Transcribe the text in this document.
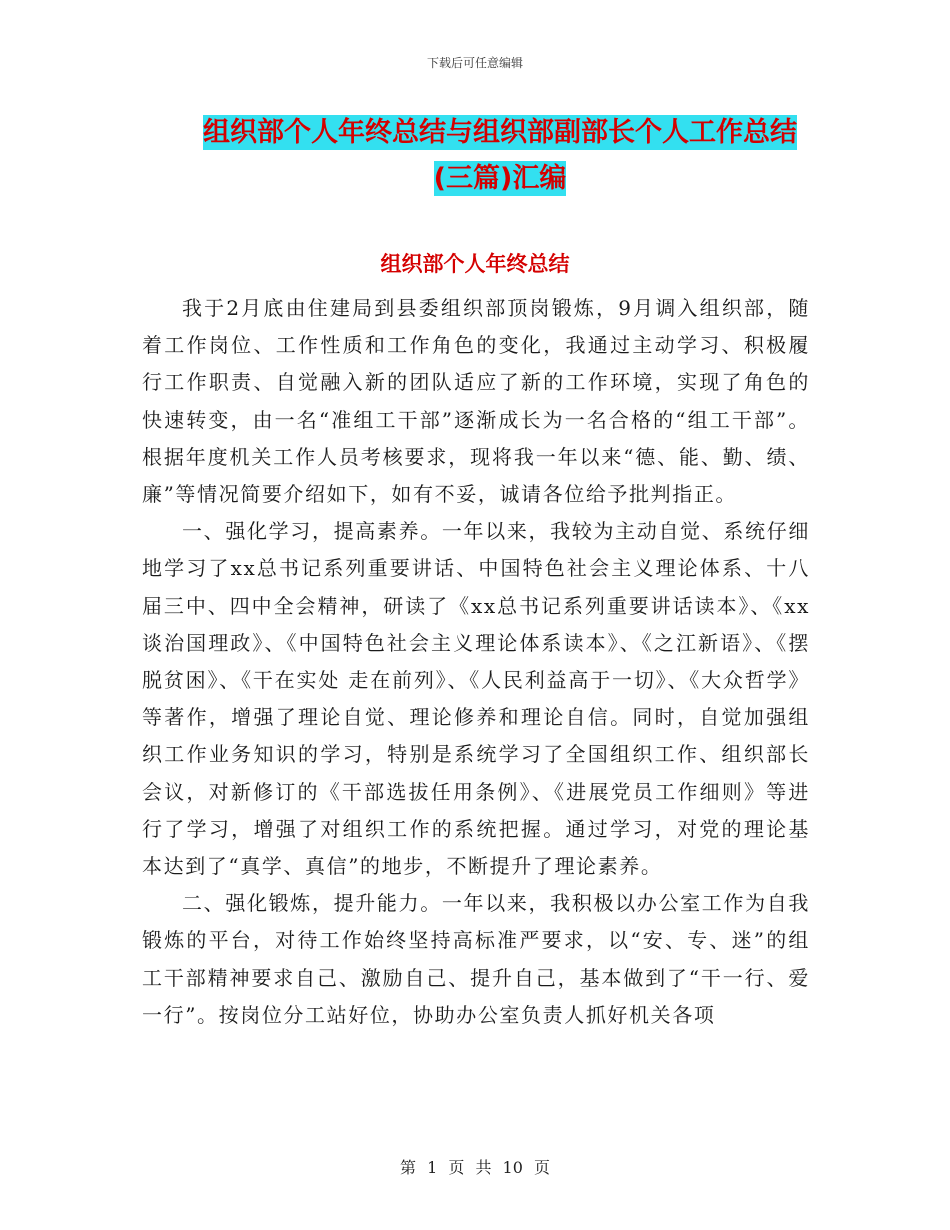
下载后可任意编辑
组织部个人年终总结与组织部副部长个人工作总结(三篇)汇编
组织部个人年终总结

我于2月底由住建局到县委组织部顶岗锻炼，9月调入组织部，随着工作岗位、工作性质和工作角色的变化，我通过主动学习、积极履行工作职责、自觉融入新的团队适应了新的工作环境，实现了角色的快速转变，由一名“准组工干部”逐渐成长为一名合格的“组工干部”。根据年度机关工作人员考核要求，现将我一年以来“德、能、勤、绩、廉”等情况简要介绍如下，如有不妥，诚请各位给予批判指正。

一、强化学习，提高素养。一年以来，我较为主动自觉、系统仔细地学习了xx总书记系列重要讲话、中国特色社会主义理论体系、十八届三中、四中全会精神，研读了《xx总书记系列重要讲话读本》、《xx谈治国理政》、《中国特色社会主义理论体系读本》、《之江新语》、《摆脱贫困》、《干在实处 走在前列》、《人民利益高于一切》、《大众哲学》等著作，增强了理论自觉、理论修养和理论自信。同时，自觉加强组织工作业务知识的学习，特别是系统学习了全国组织工作、组织部长会议，对新修订的《干部选拔任用条例》、《进展党员工作细则》等进行了学习，增强了对组织工作的系统把握。通过学习，对党的理论基本达到了“真学、真信”的地步，不断提升了理论素养。

二、强化锻炼，提升能力。一年以来，我积极以办公室工作为自我锻炼的平台，对待工作始终坚持高标准严要求，以“安、专、迷”的组工干部精神要求自己、激励自己、提升自己，基本做到了“干一行、爱一行”。按岗位分工站好位，协助办公室负责人抓好机关各项

第 1 页 共 10 页
